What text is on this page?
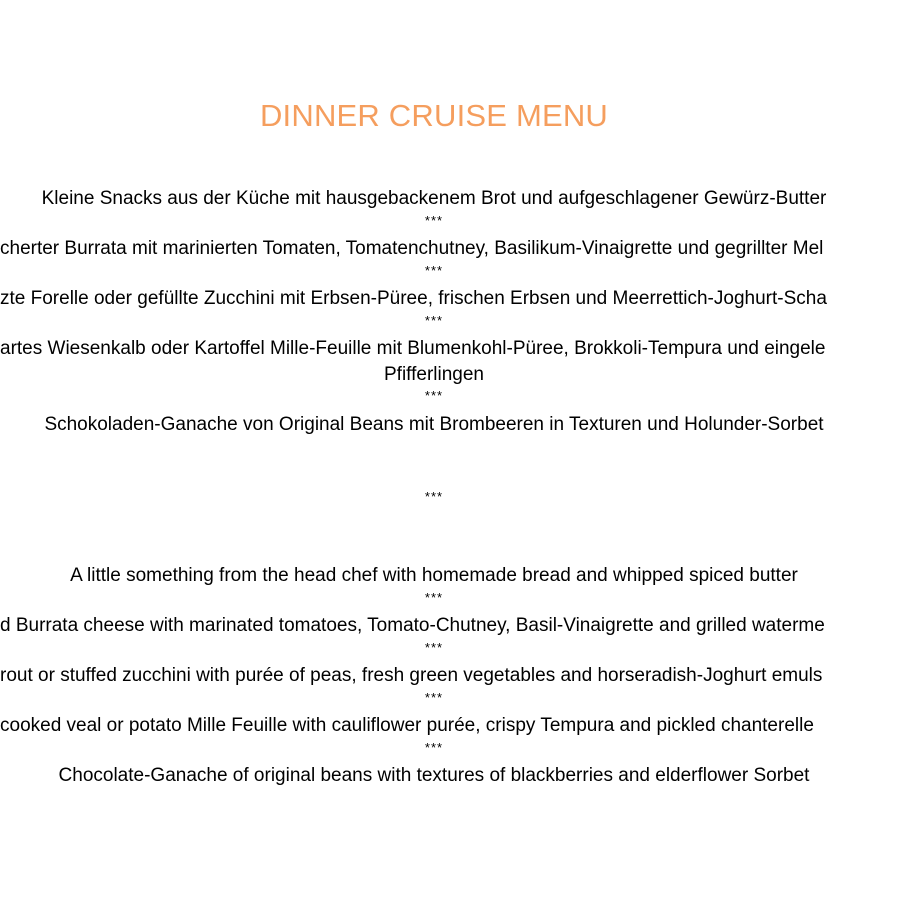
DINNER CRUISE MENU
Kleine Snacks aus der Küche mit hausgebackenem Brot und aufgeschlagener Gewürz-Butter
***
cherter Burrata mit marinierten Tomaten, Tomatenchutney, Basilikum-Vinaigrette und gegrillter Mel
***
zte Forelle oder gefüllte Zucchini mit Erbsen-Püree, frischen Erbsen und Meerrettich-Joghurt-Scha
***
artes Wiesenkalb oder Kartoffel Mille-Feuille mit Blumenkohl-Püree, Brokkoli-Tempura und eingele
Pfifferlingen
***
Schokoladen-Ganache von Original Beans mit Brombeeren in Texturen und Holunder-Sorbet
***
A little something from the head chef with homemade bread and whipped spiced butter
***
d Burrata cheese with marinated tomatoes, Tomato-Chutney, Basil-Vinaigrette and grilled waterme
***
rout or stuffed zucchini with purée of peas, fresh green vegetables and horseradish-Joghurt emuls
***
cooked veal or potato Mille Feuille with cauliflower purée, crispy Tempura and pickled chanterelle
***
Chocolate-Ganache of original beans with textures of blackberries and elderflower Sorbet
